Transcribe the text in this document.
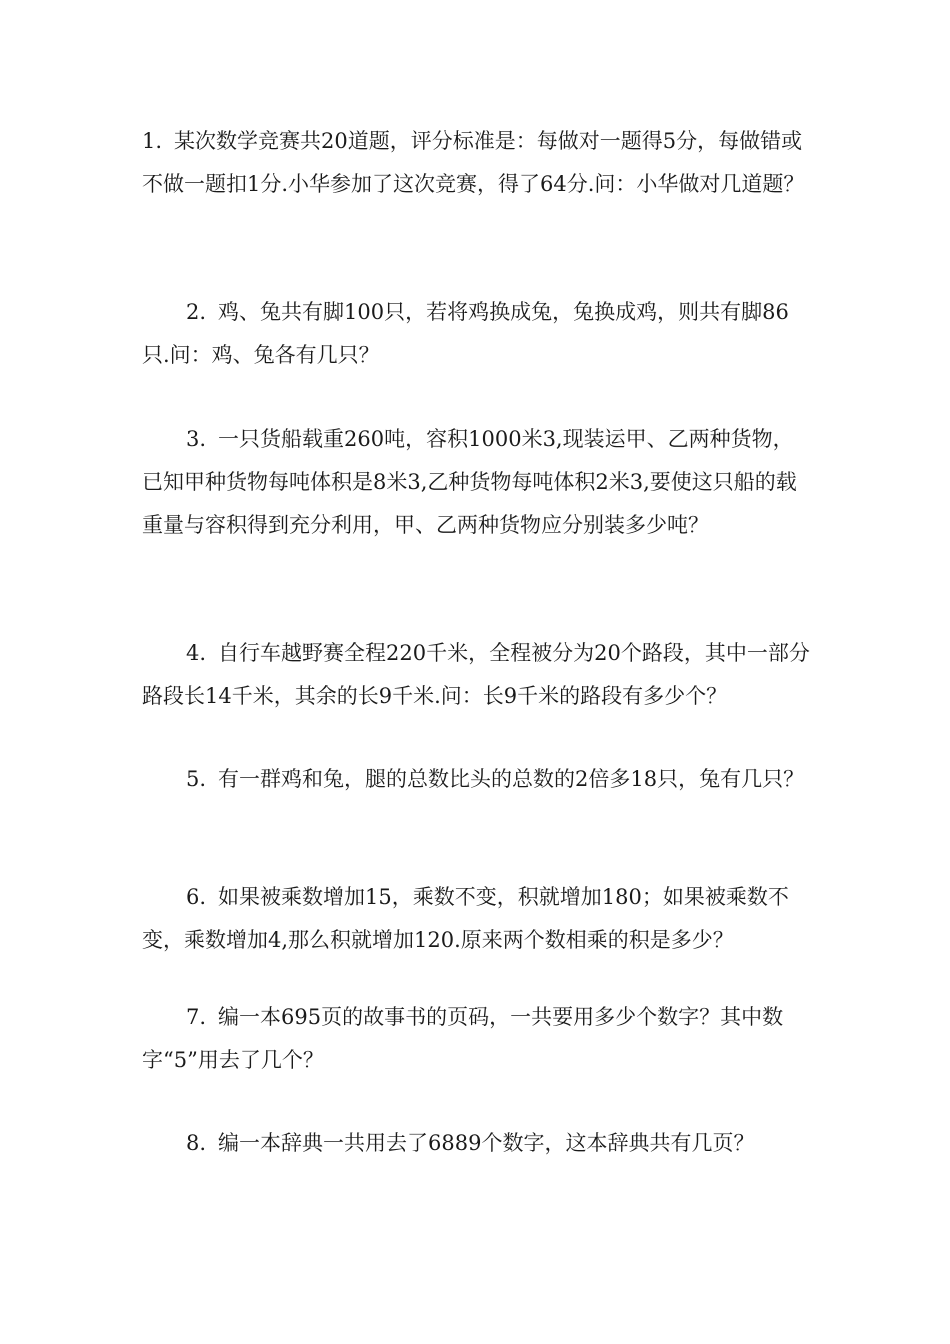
1. 某次数学竞赛共20道题，评分标准是：每做对一题得5分，每做错或不做一题扣1分.小华参加了这次竞赛，得了64分.问：小华做对几道题？

2. 鸡、兔共有脚100只，若将鸡换成兔，兔换成鸡，则共有脚86只.问：鸡、兔各有几只？

3. 一只货船载重260吨，容积1000米3,现装运甲、乙两种货物，已知甲种货物每吨体积是8米3,乙种货物每吨体积2米3,要使这只船的载重量与容积得到充分利用，甲、乙两种货物应分别装多少吨？

4. 自行车越野赛全程220千米，全程被分为20个路段，其中一部分路段长14千米，其余的长9千米.问：长9千米的路段有多少个？

5. 有一群鸡和兔，腿的总数比头的总数的2倍多18只，兔有几只？

6. 如果被乘数增加15，乘数不变，积就增加180；如果被乘数不变，乘数增加4,那么积就增加120.原来两个数相乘的积是多少？

7. 编一本695页的故事书的页码，一共要用多少个数字？其中数字“5”用去了几个？

8. 编一本辞典一共用去了6889个数字，这本辞典共有几页？
